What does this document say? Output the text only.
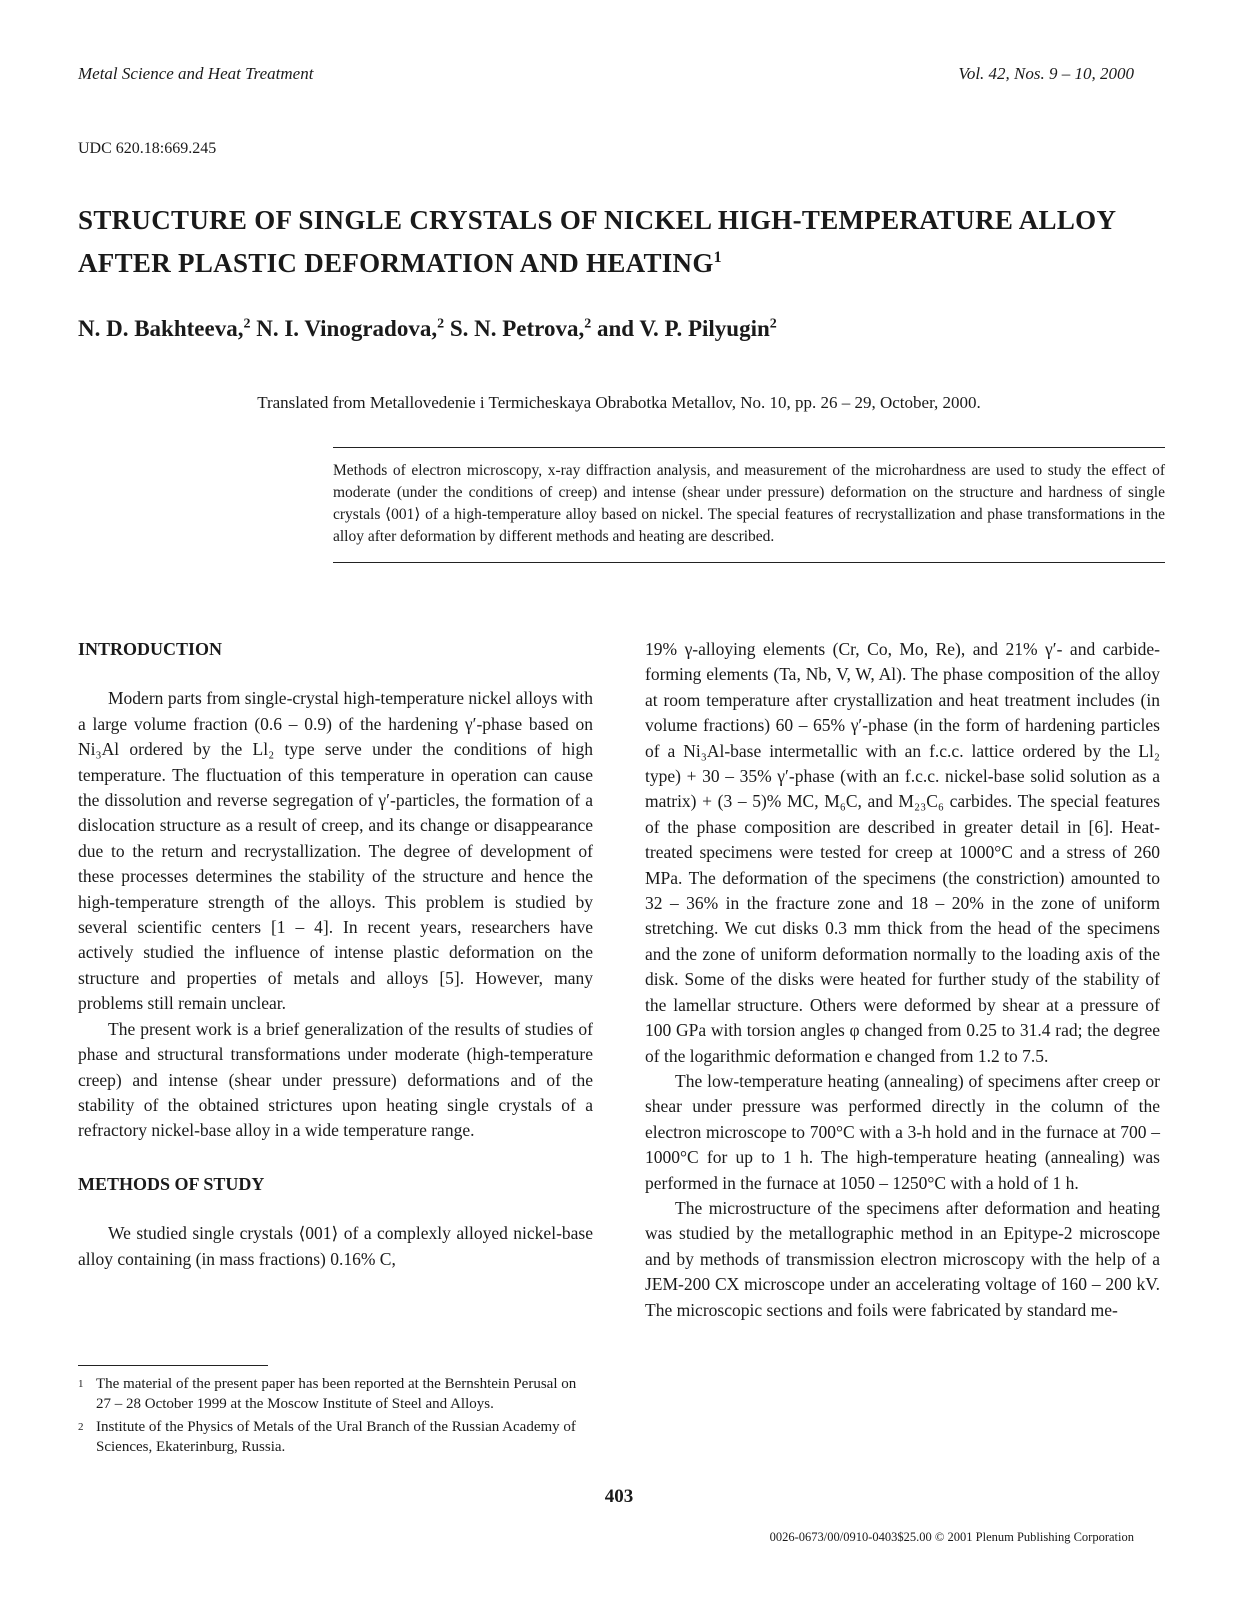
Metal Science and Heat Treatment	Vol. 42, Nos. 9 – 10, 2000
UDC 620.18:669.245
STRUCTURE OF SINGLE CRYSTALS OF NICKEL HIGH-TEMPERATURE ALLOY AFTER PLASTIC DEFORMATION AND HEATING$^1$
N. D. Bakhteeva,$^2$ N. I. Vinogradova,$^2$ S. N. Petrova,$^2$ and V. P. Pilyugin$^2$
Translated from Metallovedenie i Termicheskaya Obrabotka Metallov, No. 10, pp. 26 – 29, October, 2000.
Methods of electron microscopy, x-ray diffraction analysis, and measurement of the microhardness are used to study the effect of moderate (under the conditions of creep) and intense (shear under pressure) deformation on the structure and hardness of single crystals ⟨001⟩ of a high-temperature alloy based on nickel. The special features of recrystallization and phase transformations in the alloy after deformation by different methods and heating are described.
INTRODUCTION

Modern parts from single-crystal high-temperature nickel alloys with a large volume fraction (0.6 – 0.9) of the hardening γ′-phase based on Ni₃Al ordered by the Ll₂ type serve under the conditions of high temperature. The fluctuation of this temperature in operation can cause the dissolution and reverse segregation of γ′-particles, the formation of a dislocation structure as a result of creep, and its change or disappearance due to the return and recrystallization. The degree of development of these processes determines the stability of the structure and hence the high-temperature strength of the alloys. This problem is studied by several scientific centers [1 – 4]. In recent years, researchers have actively studied the influence of intense plastic deformation on the structure and properties of metals and alloys [5]. However, many problems still remain unclear.

The present work is a brief generalization of the results of studies of phase and structural transformations under moderate (high-temperature creep) and intense (shear under pressure) deformations and of the stability of the obtained strictures upon heating single crystals of a refractory nickel-base alloy in a wide temperature range.

METHODS OF STUDY

We studied single crystals ⟨001⟩ of a complexly alloyed nickel-base alloy containing (in mass fractions) 0.16% C,

19% γ-alloying elements (Cr, Co, Mo, Re), and 21% γ′- and carbide-forming elements (Ta, Nb, V, W, Al). The phase composition of the alloy at room temperature after crystallization and heat treatment includes (in volume fractions) 60 – 65% γ′-phase (in the form of hardening particles of a Ni₃Al-base intermetallic with an f.c.c. lattice ordered by the Ll₂ type) + 30 – 35% γ′-phase (with an f.c.c. nickel-base solid solution as a matrix) + (3 – 5)% MC, M₆C, and M₂₃C₆ carbides. The special features of the phase composition are described in greater detail in [6]. Heat-treated specimens were tested for creep at 1000°C and a stress of 260 MPa. The deformation of the specimens (the constriction) amounted to 32 – 36% in the fracture zone and 18 – 20% in the zone of uniform stretching. We cut disks 0.3 mm thick from the head of the specimens and the zone of uniform deformation normally to the loading axis of the disk. Some of the disks were heated for further study of the stability of the lamellar structure. Others were deformed by shear at a pressure of 100 GPa with torsion angles φ changed from 0.25 to 31.4 rad; the degree of the logarithmic deformation e changed from 1.2 to 7.5.

The low-temperature heating (annealing) of specimens after creep or shear under pressure was performed directly in the column of the electron microscope to 700°C with a 3-h hold and in the furnace at 700 – 1000°C for up to 1 h. The high-temperature heating (annealing) was performed in the furnace at 1050 – 1250°C with a hold of 1 h.

The microstructure of the specimens after deformation and heating was studied by the metallographic method in an Epitype-2 microscope and by methods of transmission electron microscopy with the help of a JEM-200 CX microscope under an accelerating voltage of 160 – 200 kV. The microscopic sections and foils were fabricated by standard me-

1 The material of the present paper has been reported at the Bernshtein Perusal on 27 – 28 October 1999 at the Moscow Institute of Steel and Alloys.
2 Institute of the Physics of Metals of the Ural Branch of the Russian Academy of Sciences, Ekaterinburg, Russia.
403
0026-0673/00/0910-0403$25.00 © 2001 Plenum Publishing Corporation
